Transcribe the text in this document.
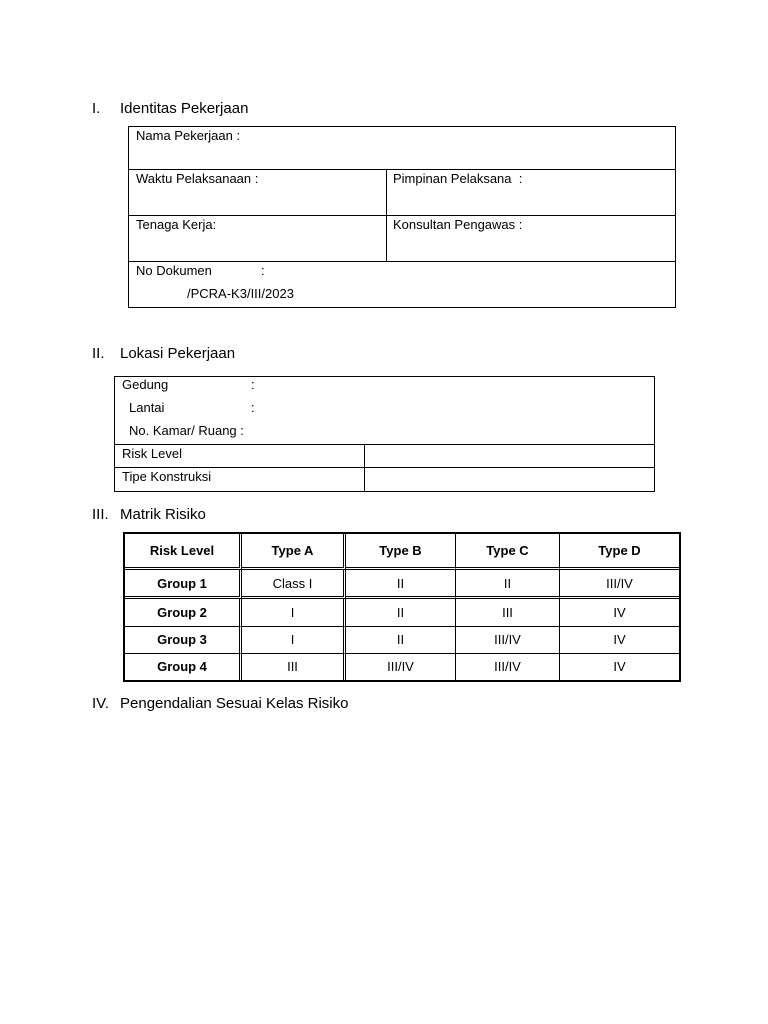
I. Identitas Pekerjaan
Nama Pekerjaan :
Waktu Pelaksanaan :	Pimpinan Pelaksana  :
Tenaga Kerja:	Konsultan Pengawas :
No Dokumen	:
/PCRA-K3/III/2023
II. Lokasi Pekerjaan
Gedung	:
Lantai	:
No. Kamar/ Ruang :
Risk Level
Tipe Konstruksi
III. Matrik Risiko
Risk Level	Type A	Type B	Type C	Type D
Group 1	Class I	II	II	III/IV
Group 2	I	II	III	IV
Group 3	I	II	III/IV	IV
Group 4	III	III/IV	III/IV	IV
IV. Pengendalian Sesuai Kelas Risiko
